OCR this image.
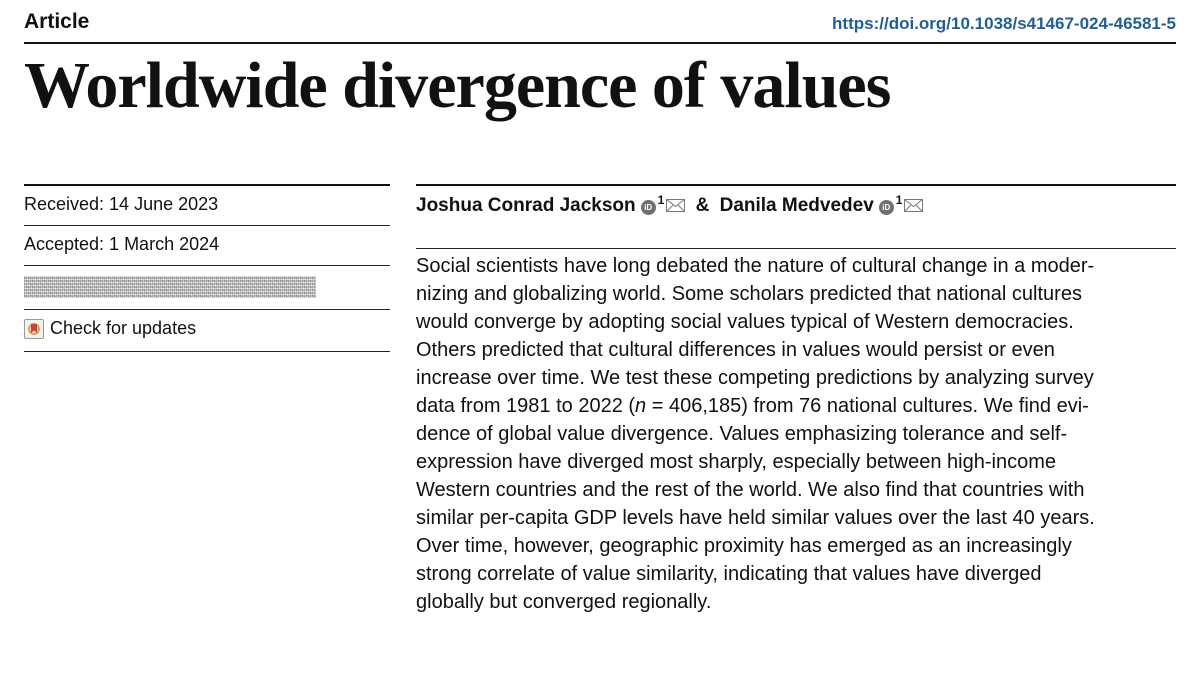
Article	https://doi.org/10.1038/s41467-024-46581-5
Worldwide divergence of values
Received: 14 June 2023
Accepted: 1 March 2024
Check for updates
Joshua Conrad Jackson iD$^1$ & Danila Medvedev iD$^1$

Social scientists have long debated the nature of cultural change in a moder-
nizing and globalizing world. Some scholars predicted that national cultures
would converge by adopting social values typical of Western democracies.
Others predicted that cultural differences in values would persist or even
increase over time. We test these competing predictions by analyzing survey
data from 1981 to 2022 (n = 406,185) from 76 national cultures. We find evi-
dence of global value divergence. Values emphasizing tolerance and self-
expression have diverged most sharply, especially between high-income
Western countries and the rest of the world. We also find that countries with
similar per-capita GDP levels have held similar values over the last 40 years.
Over time, however, geographic proximity has emerged as an increasingly
strong correlate of value similarity, indicating that values have diverged
globally but converged regionally.
